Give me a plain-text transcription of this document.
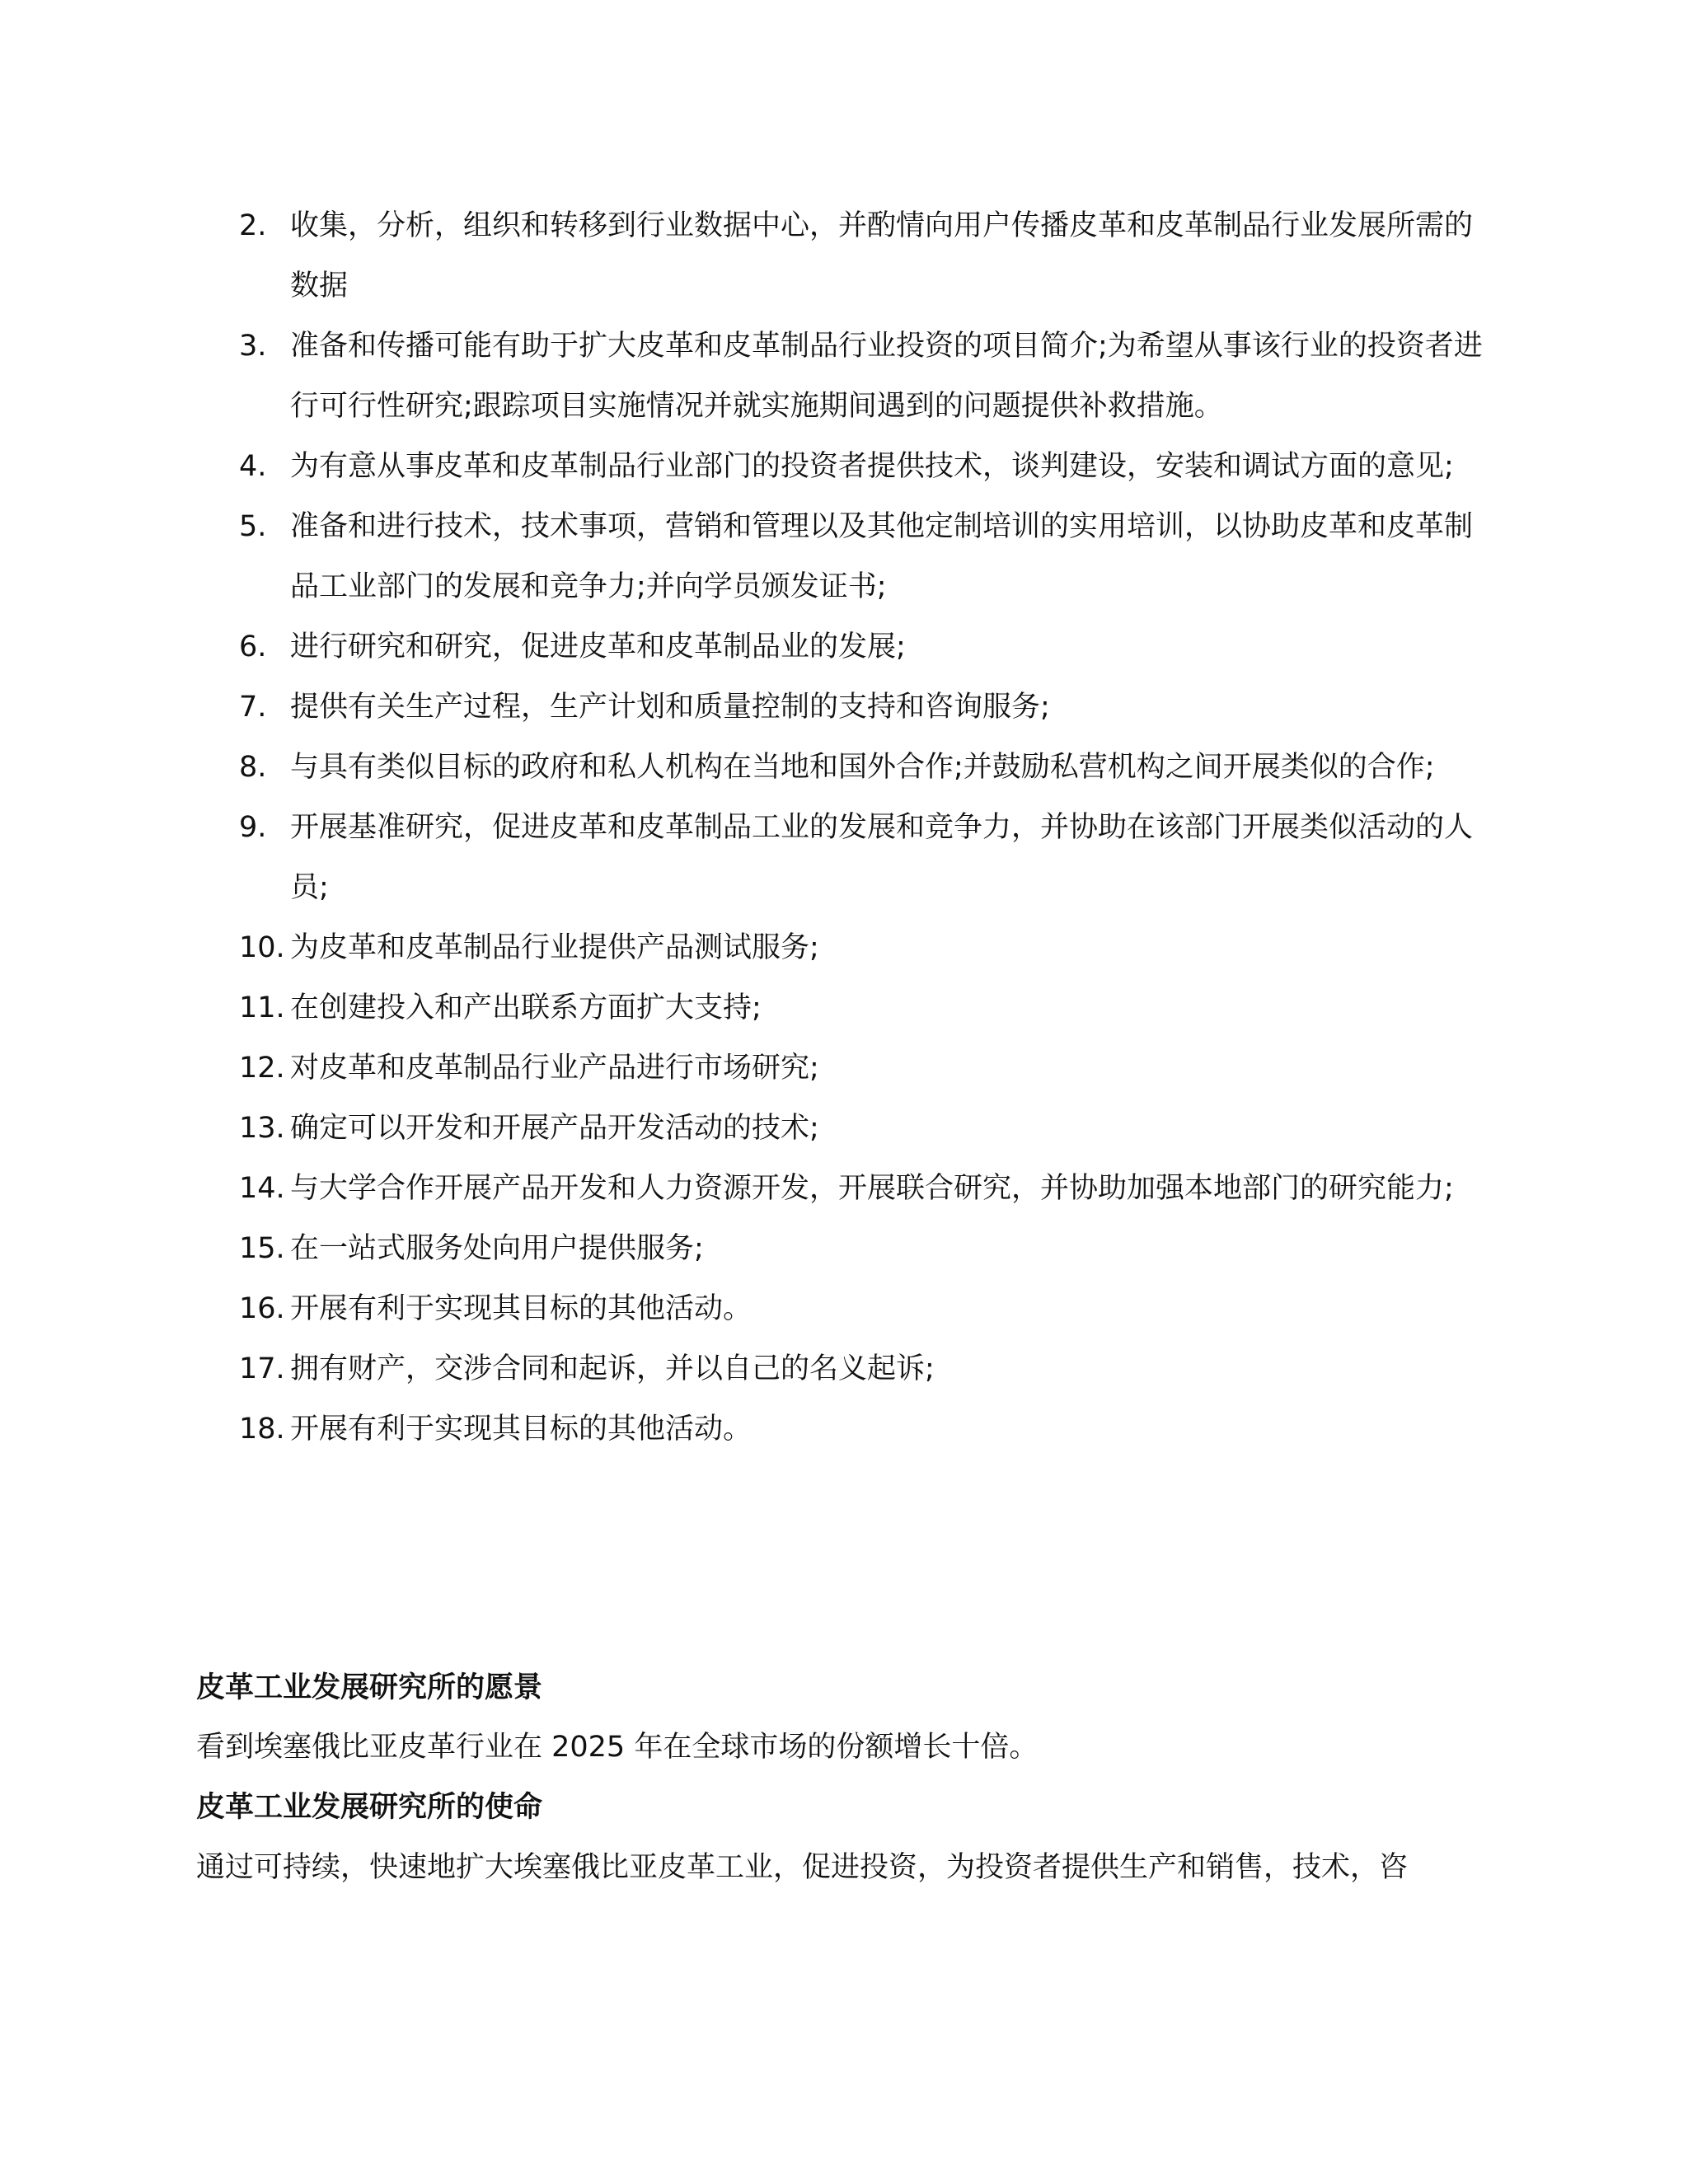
2. 收集，分析，组织和转移到行业数据中心，并酌情向用户传播皮革和皮革制品行业发展所需的数据
3. 准备和传播可能有助于扩大皮革和皮革制品行业投资的项目简介;为希望从事该行业的投资者进行可行性研究;跟踪项目实施情况并就实施期间遇到的问题提供补救措施。
4. 为有意从事皮革和皮革制品行业部门的投资者提供技术，谈判建设，安装和调试方面的意见;
5. 准备和进行技术，技术事项，营销和管理以及其他定制培训的实用培训，以协助皮革和皮革制品工业部门的发展和竞争力;并向学员颁发证书;
6. 进行研究和研究，促进皮革和皮革制品业的发展;
7. 提供有关生产过程，生产计划和质量控制的支持和咨询服务;
8. 与具有类似目标的政府和私人机构在当地和国外合作;并鼓励私营机构之间开展类似的合作;
9. 开展基准研究，促进皮革和皮革制品工业的发展和竞争力，并协助在该部门开展类似活动的人员;
10. 为皮革和皮革制品行业提供产品测试服务;
11. 在创建投入和产出联系方面扩大支持;
12. 对皮革和皮革制品行业产品进行市场研究;
13. 确定可以开发和开展产品开发活动的技术;
14. 与大学合作开展产品开发和人力资源开发，开展联合研究，并协助加强本地部门的研究能力;
15. 在一站式服务处向用户提供服务;
16. 开展有利于实现其目标的其他活动。
17. 拥有财产，交涉合同和起诉，并以自己的名义起诉;
18. 开展有利于实现其目标的其他活动。
皮革工业发展研究所的愿景
看到埃塞俄比亚皮革行业在 2025 年在全球市场的份额增长十倍。
皮革工业发展研究所的使命
通过可持续，快速地扩大埃塞俄比亚皮革工业，促进投资，为投资者提供生产和销售，技术，咨
